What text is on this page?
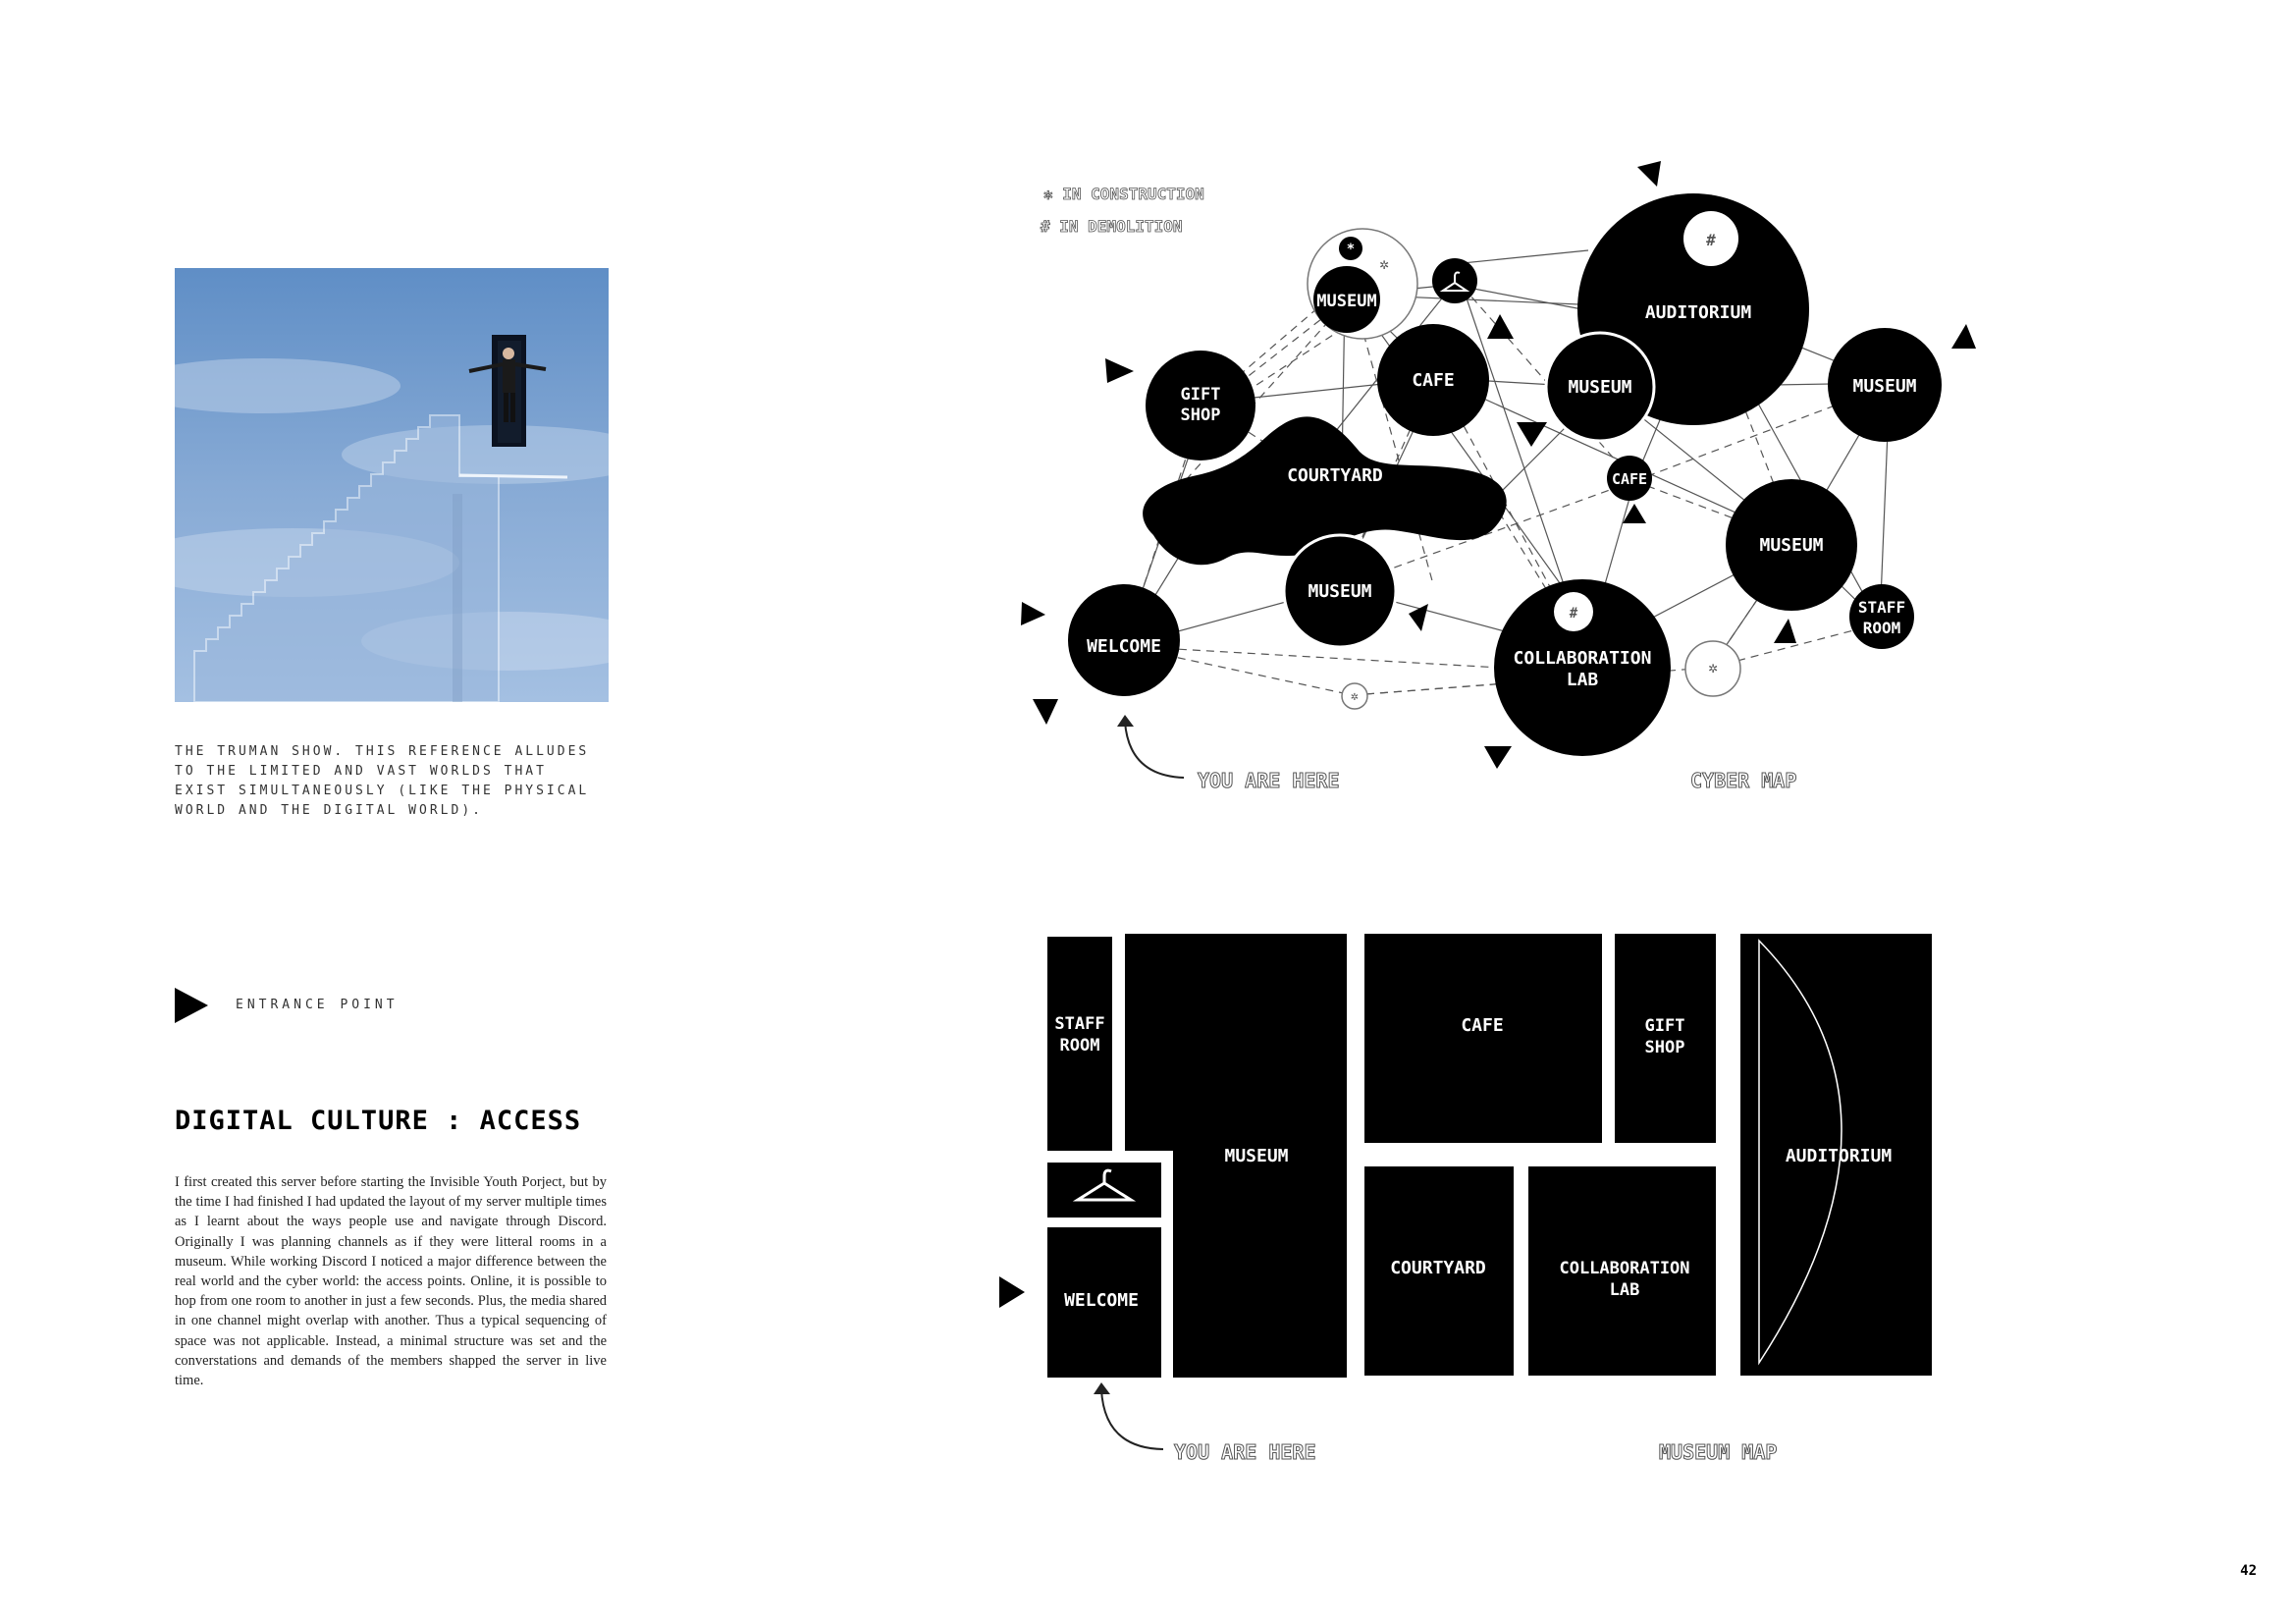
THE TRUMAN SHOW. THIS REFERENCE ALLUDES TO THE LIMITED AND VAST WORLDS THAT EXIST SIMULTANEOUSLY (LIKE THE PHYSICAL WORLD AND THE DIGITAL WORLD).
ENTRANCE POINT
DIGITAL CULTURE : ACCESS
I first created this server before starting the Invisible Youth Porject, but by the time I had finished I had updated the layout of my server multiple times as I learnt about the ways people use and navigate through Discord. Originally I was planning channels as if they were litteral rooms in a museum. While working Discord I noticed a major difference between the real world and the cyber world: the access points. Online, it is possible to hop from one room to another in just a few seconds. Plus, the media shared in one channel might overlap with another. Thus a typical sequencing of space was not applicable. Instead, a minimal structure was set and the converstations and demands of the members shapped the server in live time.
✲ IN CONSTRUCTION
# IN DEMOLITION
#
AUDITORIUM
*
✲
MUSEUM
CAFE	MUSEUM	MUSEUM
GIFT
SHOP
COURTYARD	CAFE
MUSEUM
MUSEUM
WELCOME
#
COLLABORATION
LAB
STAFF
ROOM
✲
✲
YOU ARE HERE	CYBER MAP
STAFF
ROOM
MUSEUM
CAFE	GIFT
SHOP
AUDITORIUM
WELCOME
COURTYARD	COLLABORATION
LAB
YOU ARE HERE	MUSEUM MAP
42
